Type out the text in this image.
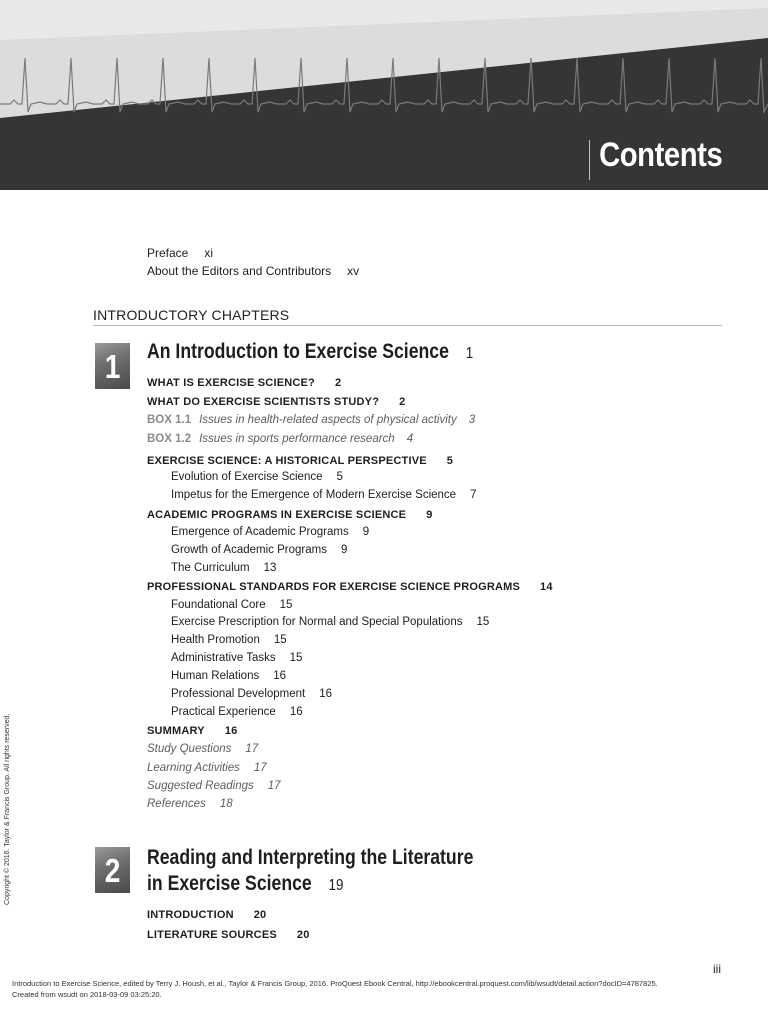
Contents
Preface xi
About the Editors and Contributors xv
INTRODUCTORY CHAPTERS
1	An Introduction to Exercise Science 1
WHAT IS EXERCISE SCIENCE? 2
WHAT DO EXERCISE SCIENTISTS STUDY? 2
BOX 1.1 Issues in health-related aspects of physical activity 3
BOX 1.2 Issues in sports performance research 4
EXERCISE SCIENCE: A HISTORICAL PERSPECTIVE 5
Evolution of Exercise Science 5
Impetus for the Emergence of Modern Exercise Science 7
ACADEMIC PROGRAMS IN EXERCISE SCIENCE 9
Emergence of Academic Programs 9
Growth of Academic Programs 9
The Curriculum 13
PROFESSIONAL STANDARDS FOR EXERCISE SCIENCE PROGRAMS 14
Foundational Core 15
Exercise Prescription for Normal and Special Populations 15
Health Promotion 15
Administrative Tasks 15
Human Relations 16
Professional Development 16
Practical Experience 16
SUMMARY 16
Study Questions 17
Learning Activities 17
Suggested Readings 17
References 18
2	Reading and Interpreting the Literature
in Exercise Science 19
INTRODUCTION 20
LITERATURE SOURCES 20
Copyright © 2016. Taylor & Francis Group. All rights reserved.
iii
Introduction to Exercise Science, edited by Terry J. Housh, et al., Taylor & Francis Group, 2016. ProQuest Ebook Central, http://ebookcentral.proquest.com/lib/wsudt/detail.action?docID=4787825.
Created from wsudt on 2018-03-09 03:25:20.
